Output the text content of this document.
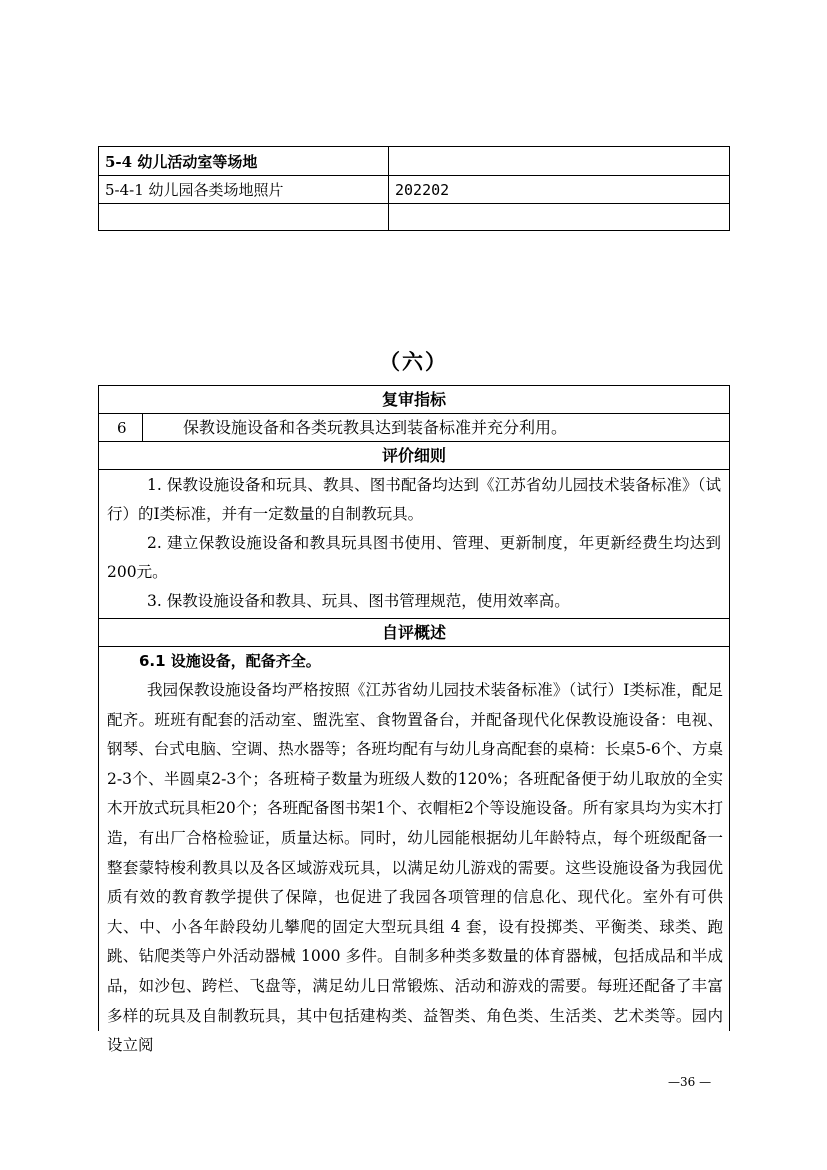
5-4 幼儿活动室等场地	
5-4-1 幼儿园各类场地照片	202202

（六）
复审指标
6	保教设施设备和各类玩教具达到装备标准并充分利用。
评价细则
1. 保教设施设备和玩具、教具、图书配备均达到《江苏省幼儿园技术装备标准》（试行）的Ⅰ类标准，并有一定数量的自制教玩具。
2. 建立保教设施设备和教具玩具图书使用、管理、更新制度，年更新经费生均达到200元。
3. 保教设施设备和教具、玩具、图书管理规范，使用效率高。
自评概述
6.1 设施设备，配备齐全。
我园保教设施设备均严格按照《江苏省幼儿园技术装备标准》（试行）Ⅰ类标准，配足配齐。班班有配套的活动室、盥洗室、食物置备台，并配备现代化保教设施设备：电视、钢琴、台式电脑、空调、热水器等；各班均配有与幼儿身高配套的桌椅：长桌5-6个、方桌2-3个、半圆桌2-3个；各班椅子数量为班级人数的120%；各班配备便于幼儿取放的全实木开放式玩具柜20个；各班配备图书架1个、衣帽柜2个等设施设备。所有家具均为实木打造，有出厂合格检验证，质量达标。同时，幼儿园能根据幼儿年龄特点，每个班级配备一整套蒙特梭利教具以及各区域游戏玩具，以满足幼儿游戏的需要。这些设施设备为我园优质有效的教育教学提供了保障，也促进了我园各项管理的信息化、现代化。室外有可供大、中、小各年龄段幼儿攀爬的固定大型玩具组 4 套，设有投掷类、平衡类、球类、跑跳、钻爬类等户外活动器械 1000 多件。自制多种类多数量的体育器械，包括成品和半成品，如沙包、跨栏、飞盘等，满足幼儿日常锻炼、活动和游戏的需要。每班还配备了丰富多样的玩具及自制教玩具，其中包括建构类、益智类、角色类、生活类、艺术类等。园内设立阅
—36 —
